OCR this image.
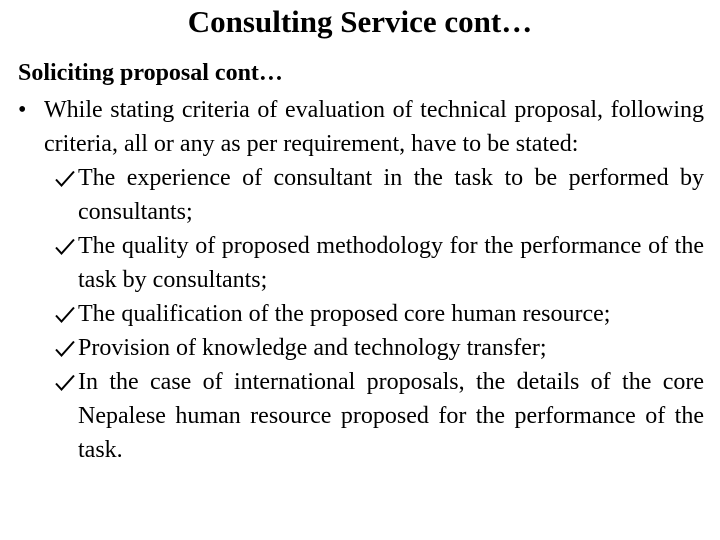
Consulting Service cont…
Soliciting proposal cont…
• While stating criteria of evaluation of technical proposal, following criteria, all or any as per requirement, have to be stated:
The experience of consultant in the task to be performed by consultants;
The quality of proposed methodology for the performance of the task by consultants;
The qualification of the proposed core human resource;
Provision of knowledge and technology transfer;
In the case of international proposals, the details of the core Nepalese human resource proposed for the performance of the task.
